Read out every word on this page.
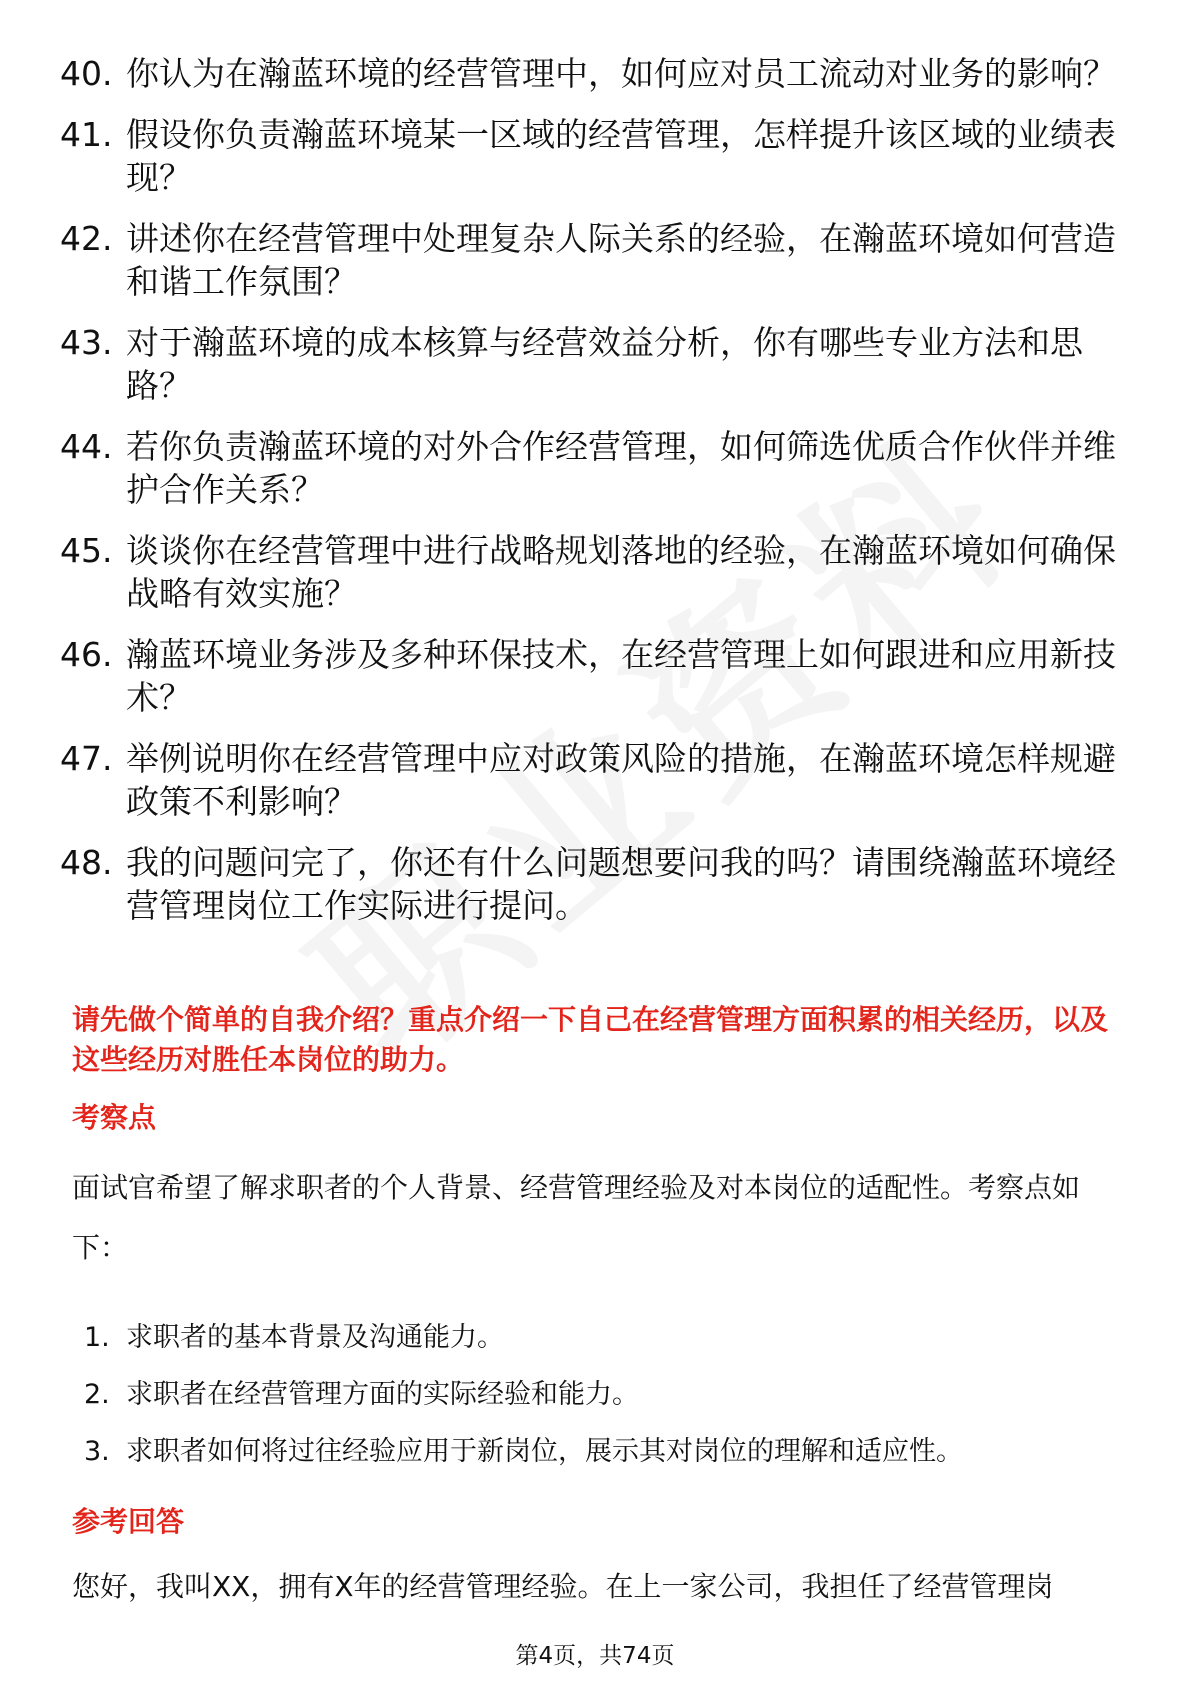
40. 你认为在瀚蓝环境的经营管理中，如何应对员工流动对业务的影响？
41. 假设你负责瀚蓝环境某一区域的经营管理，怎样提升该区域的业绩表现？
42. 讲述你在经营管理中处理复杂人际关系的经验，在瀚蓝环境如何营造和谐工作氛围？
43. 对于瀚蓝环境的成本核算与经营效益分析，你有哪些专业方法和思路？
44. 若你负责瀚蓝环境的对外合作经营管理，如何筛选优质合作伙伴并维护合作关系？
45. 谈谈你在经营管理中进行战略规划落地的经验，在瀚蓝环境如何确保战略有效实施？
46. 瀚蓝环境业务涉及多种环保技术，在经营管理上如何跟进和应用新技术？
47. 举例说明你在经营管理中应对政策风险的措施，在瀚蓝环境怎样规避政策不利影响？
48. 我的问题问完了，你还有什么问题想要问我的吗？请围绕瀚蓝环境经营管理岗位工作实际进行提问。
请先做个简单的自我介绍？重点介绍一下自己在经营管理方面积累的相关经历，以及这些经历对胜任本岗位的助力。
考察点
面试官希望了解求职者的个人背景、经营管理经验及对本岗位的适配性。考察点如下：
1. 求职者的基本背景及沟通能力。
2. 求职者在经营管理方面的实际经验和能力。
3. 求职者如何将过往经验应用于新岗位，展示其对岗位的理解和适应性。
参考回答
您好，我叫XX，拥有X年的经营管理经验。在上一家公司，我担任了经营管理岗
第4页，共74页
